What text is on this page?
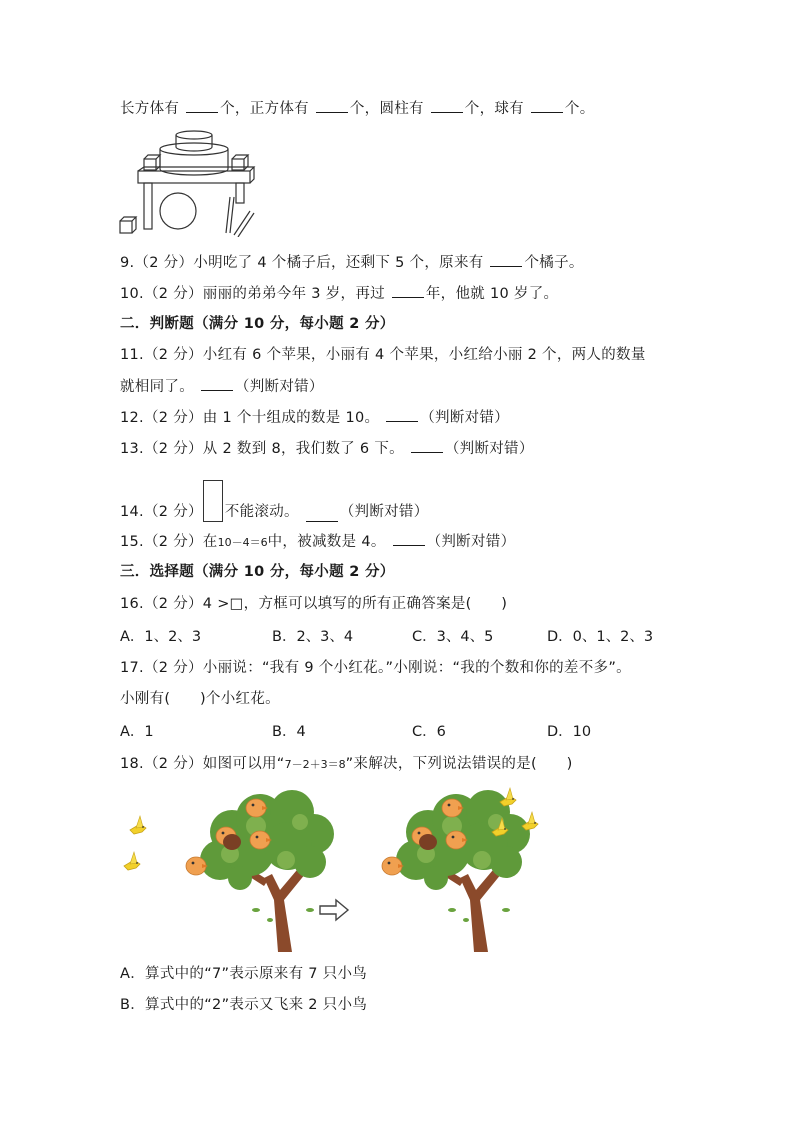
长方体有	个，正方体有	个，圆柱有	个，球有	个。
9.（2 分）小明吃了 4 个橘子后，还剩下 5 个，原来有	个橘子。
10.（2 分）丽丽的弟弟今年 3 岁，再过	年，他就 10 岁了。
二．判断题（满分 10 分，每小题 2 分）
11.（2 分）小红有 6 个苹果，小丽有 4 个苹果，小红给小丽 2 个，两人的数量
就相同了。	（判断对错）
12.（2 分）由 1 个十组成的数是 10。	（判断对错）
13.（2 分）从 2 数到 8，我们数了 6 下。	（判断对错）
14.（2 分） 不能滚动。	（判断对错）
15.（2 分）在10－4＝6中，被减数是 4。	（判断对错）
三．选择题（满分 10 分，每小题 2 分）
16.（2 分）4 >□，方框可以填写的所有正确答案是(　　)
A．1、2、3	B．2、3、4	C．3、4、5	D．0、1、2、3
17.（2 分）小丽说：“我有 9 个小红花。”小刚说：“我的个数和你的差不多”。
小刚有(　　)个小红花。
A．1	B．4	C．6	D．10
18.（2 分）如图可以用“7－2＋3＝8”来解决，下列说法错误的是(　　)
A．算式中的“7”表示原来有 7 只小鸟
B．算式中的“2”表示又飞来 2 只小鸟
